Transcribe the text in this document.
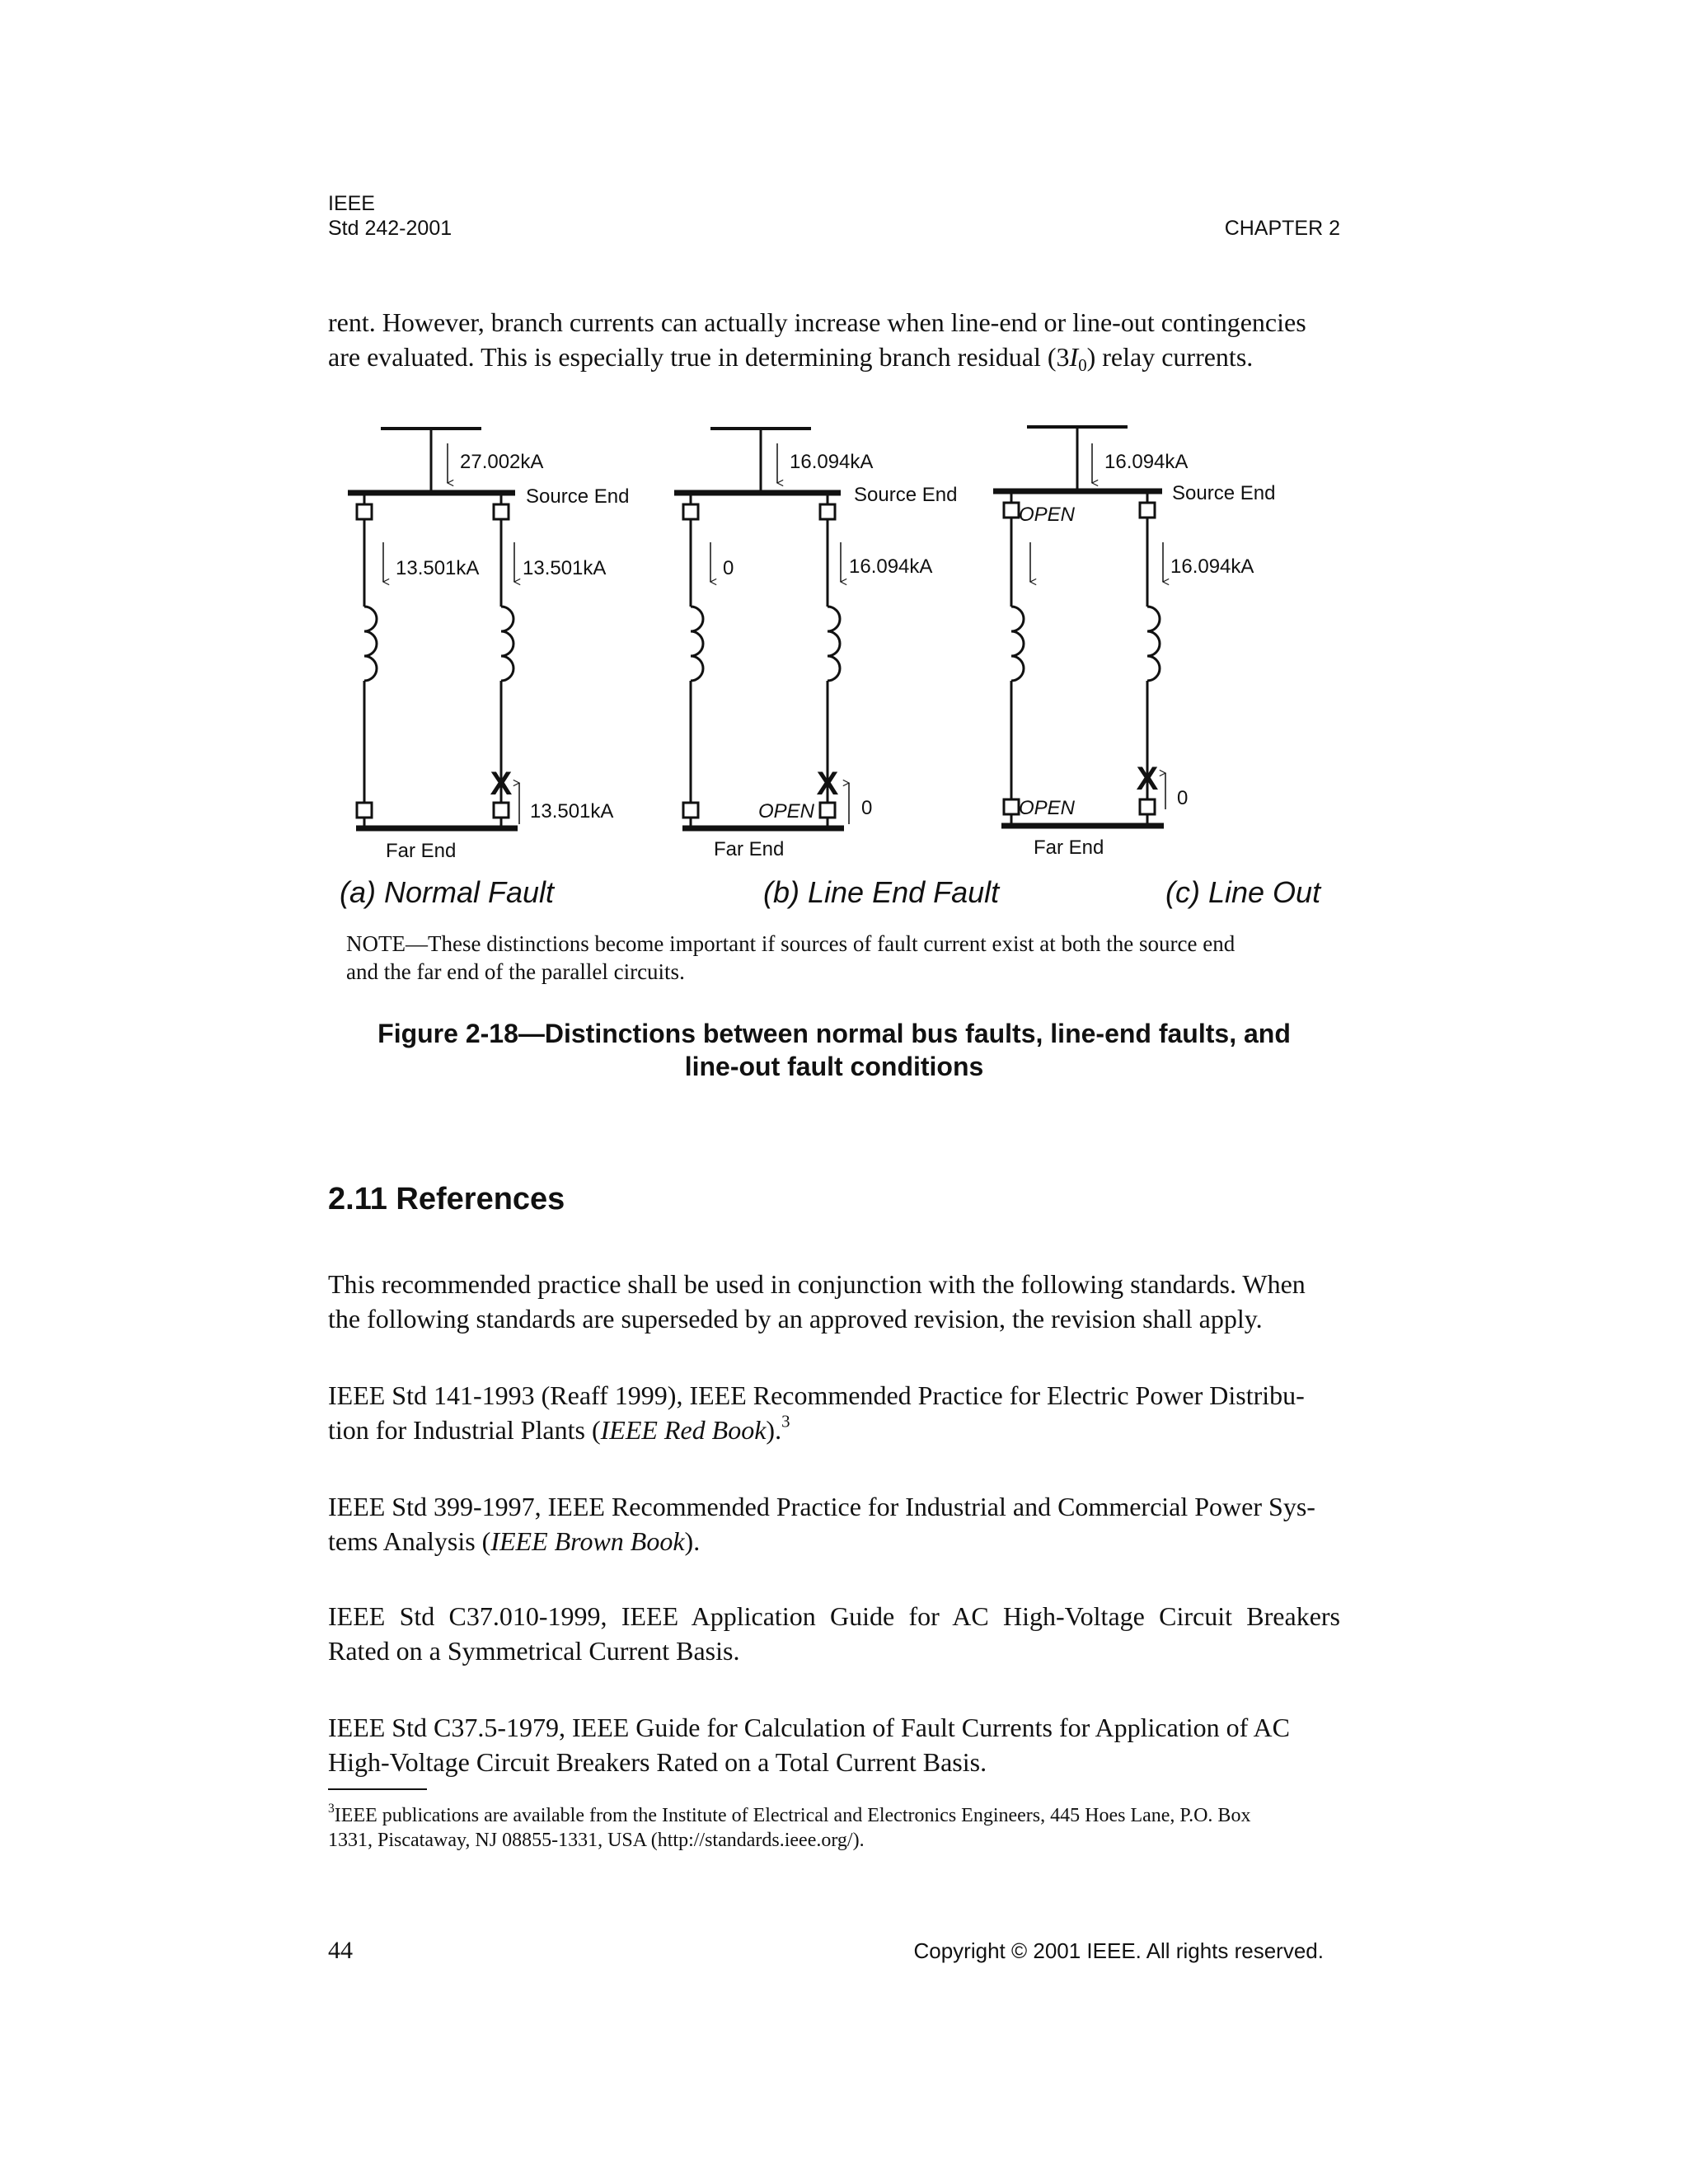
IEEE
Std 242-2001	CHAPTER 2
rent. However, branch currents can actually increase when line-end or line-out contingencies
are evaluated. This is especially true in determining branch residual $(3I_0)$ relay currents.
27.002kA
Source End
13.501kA
X
13.501kA
13.501kA
Far End
(a) Normal Fault
16.094kA
Source End
0
X
16.094kA
OPEN 0
Far End
(b) Line End Fault
16.094kA
Source End
OPEN
OPEN
X
16.094kA
0
Far End
(c) Line Out
NOTE—These distinctions become important if sources of fault current exist at both the source end
and the far end of the parallel circuits.
Figure 2-18—Distinctions between normal bus faults, line-end faults, and
line-out fault conditions
2.11 References
This recommended practice shall be used in conjunction with the following standards. When
the following standards are superseded by an approved revision, the revision shall apply.
IEEE Std 141-1993 (Reaff 1999), IEEE Recommended Practice for Electric Power Distribu-
tion for Industrial Plants (IEEE Red Book).$^3$
IEEE Std 399-1997, IEEE Recommended Practice for Industrial and Commercial Power Sys-
tems Analysis (IEEE Brown Book).
IEEE Std C37.010-1999, IEEE Application Guide for AC High-Voltage Circuit Breakers
Rated on a Symmetrical Current Basis.
IEEE Std C37.5-1979, IEEE Guide for Calculation of Fault Currents for Application of AC
High-Voltage Circuit Breakers Rated on a Total Current Basis.
$^3$IEEE publications are available from the Institute of Electrical and Electronics Engineers, 445 Hoes Lane, P.O. Box
1331, Piscataway, NJ 08855-1331, USA (http://standards.ieee.org/).
44	Copyright © 2001 IEEE. All rights reserved.
